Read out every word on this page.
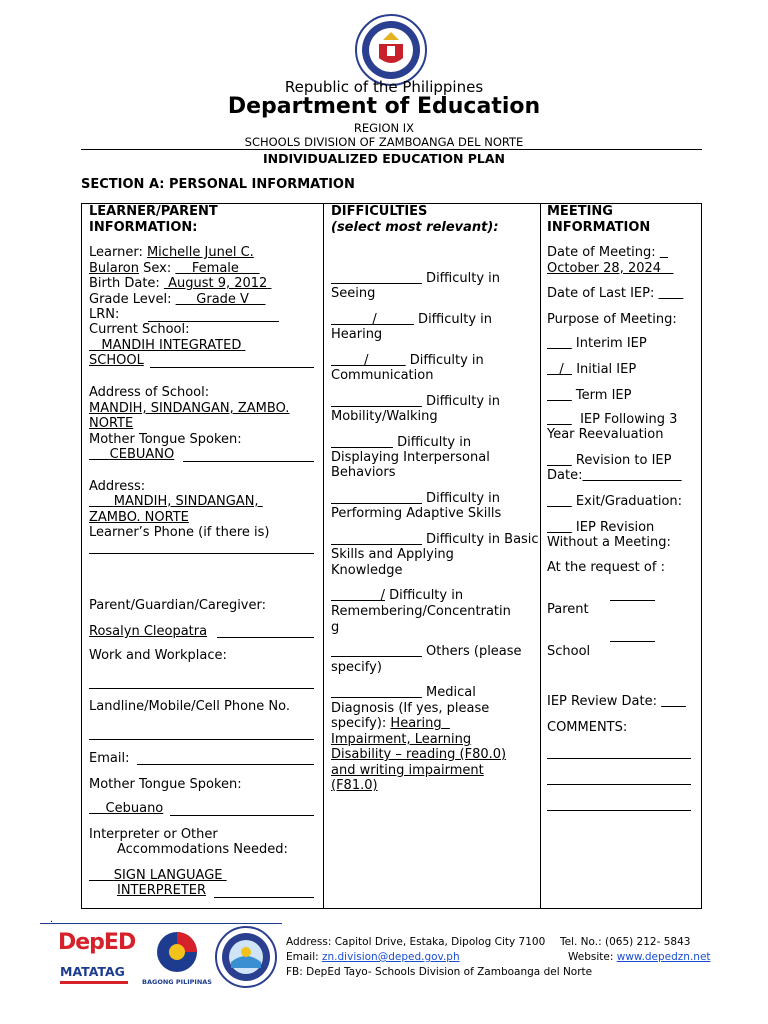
Republic of the Philippines
Department of Education
REGION IX
SCHOOLS DIVISION OF ZAMBOANGA DEL NORTE
INDIVIDUALIZED EDUCATION PLAN
SECTION A: PERSONAL INFORMATION
LEARNER/PARENT
INFORMATION:
Learner: Michelle Junel C.
Bularon Sex:     Female
Birth Date:  August 9, 2012
Grade Level:      Grade V
LRN:
Current School:
MANDIH INTEGRATED
SCHOOL
Address of School:
MANDIH, SINDANGAN, ZAMBO.
NORTE
Mother Tongue Spoken:
CEBUANO
Address:
MANDIH, SINDANGAN,
ZAMBO. NORTE
Learner’s Phone (if there is)
Parent/Guardian/Caregiver:
Rosalyn Cleopatra
Work and Workplace:
Landline/Mobile/Cell Phone No.
Email:
Mother Tongue Spoken:
Cebuano
Interpreter or Other
Accommodations Needed:
SIGN LANGUAGE
INTERPRETER
DIFFICULTIES
(select most relevant):
Difficulty in
Seeing
/	Difficulty in
Hearing
/	Difficulty in
Communication
Difficulty in
Mobility/Walking
Difficulty in
Displaying Interpersonal
Behaviors
Difficulty in
Performing Adaptive Skills
Difficulty in Basic
Skills and Applying
Knowledge
/ Difficulty in
Remembering/Concentratin
g
Others (please
specify)
Medical
Diagnosis (If yes, please
specify): Hearing
Impairment, Learning
Disability – reading (F80.0)
and writing impairment
(F81.0)
MEETING
INFORMATION
Date of Meeting:
October 28, 2024
Date of Last IEP:
Purpose of Meeting:
Interim IEP
/   Initial IEP
Term IEP
IEP Following 3
Year Reevaluation
Revision to IEP
Date:
Exit/Graduation:
IEP Revision
Without a Meeting:
At the request of :
Parent
School
IEP Review Date:
COMMENTS:
.
DepED
MATATAG
BAGONG PILIPINAS
Address: Capitol Drive, Estaka, Dipolog City 7100 Tel. No.: (065) 212- 5843
Email: zn.division@deped.gov.ph	Website: www.depedzn.net
FB: DepEd Tayo- Schools Division of Zamboanga del Norte
